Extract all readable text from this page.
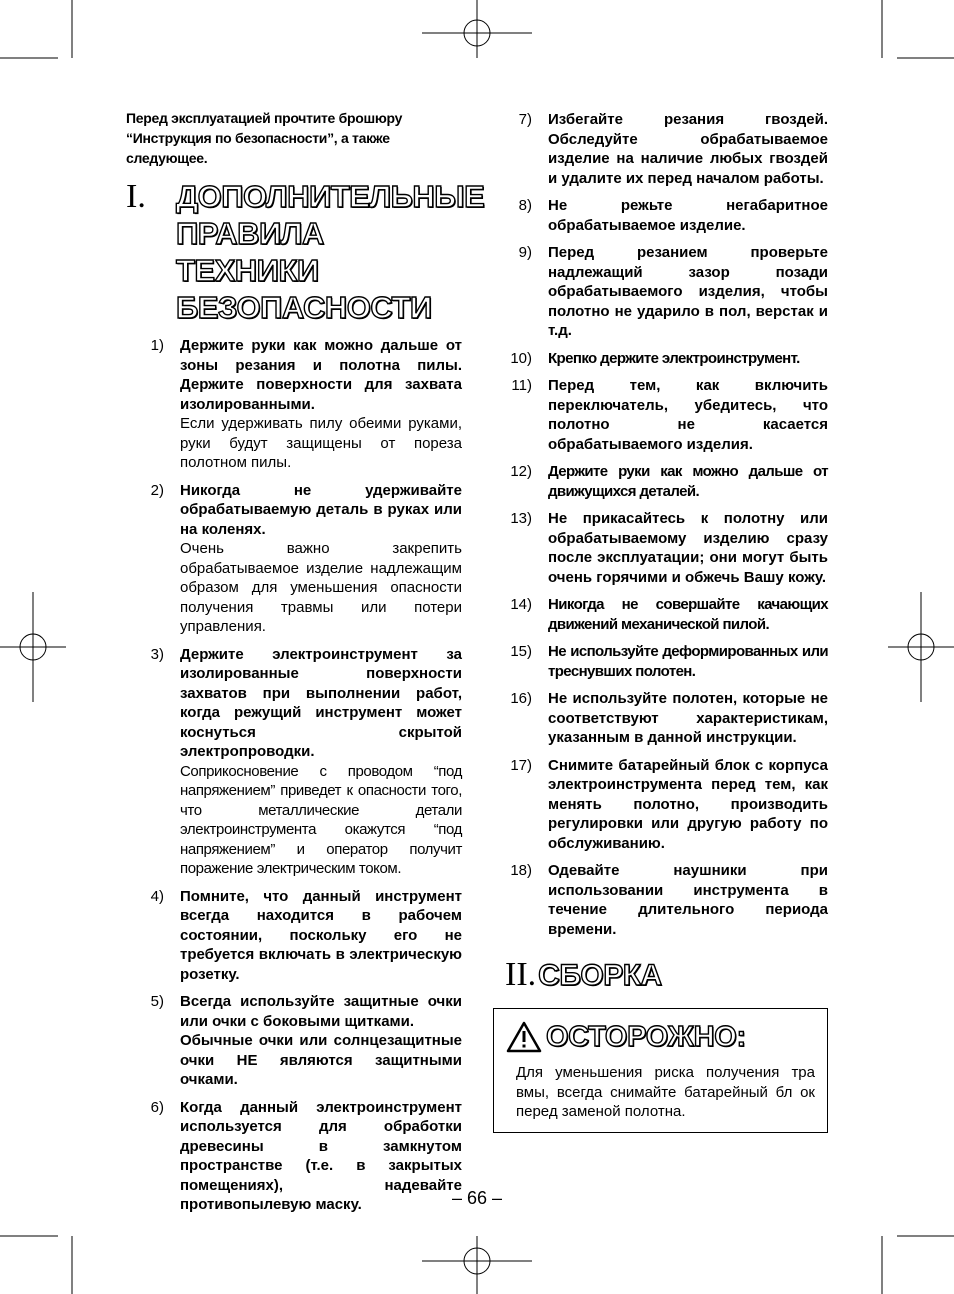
Перед эксплуатацией прочтите брошюру “Инструкция по безопасности”, а также следующее.

I. ДОПОЛНИТЕЛЬНЫЕ
ПРАВИЛА ТЕХНИКИ
БЕЗОПАСНОСТИ
1) Держите руки как можно дальше от зоны резания и полотна пилы. Держите поверхности для захвата изолированными.
Если удерживать пилу обеими руками, руки будут защищены от пореза полотном пилы.
2) Никогда не удерживайте обрабатываемую деталь в руках или на коленях.
Очень важно закрепить обрабатываемое изделие надлежащим образом для уменьшения опасности получения травмы или потери управления.
3) Держите электроинструмент за изолированные поверхности захватов при выполнении работ, когда режущий инструмент может коснуться скрытой электропроводки.
Соприкосновение с проводом “под напряжением” приведет к опасности того, что металлические детали электроинструмента окажутся “под напряжением” и оператор получит поражение электрическим током.
4) Помните, что данный инструмент всегда находится в рабочем состоянии, поскольку его не требуется включать в электрическую розетку.
5) Всегда используйте защитные очки или очки с боковыми щитками.
Обычные очки или солнцезащитные очки НЕ являются защитными очками.
6) Когда данный электроинструмент используется для обработки древесины в замкнутом пространстве (т.е. в закрытых помещениях), надевайте противопылевую маску.
7) Избегайте резания гвоздей. Обследуйте обрабатываемое изделие на наличие любых гвоздей и удалите их перед началом работы.
8) Не режьте негабаритное обрабатываемое изделие.
9) Перед резанием проверьте надлежащий зазор позади обрабатываемого изделия, чтобы полотно не ударило в пол, верстак и т.д.
10) Крепко держите электроинструмент.
11) Перед тем, как включить переключатель, убедитесь, что полотно не касается обрабатываемого изделия.
12) Держите руки как можно дальше от движущихся деталей.
13) Не прикасайтесь к полотну или обрабатываемому изделию сразу после эксплуатации; они могут быть очень горячими и обжечь Вашу кожу.
14) Никогда не совершайте качающих движений механической пилой.
15) Не используйте деформированных или треснувших полотен.
16) Не используйте полотен, которые не соответствуют характеристикам, указанным в данной инструкции.
17) Снимите батарейный блок с корпуса электроинструмента перед тем, как менять полотно, производить регулировки или другую работу по обслуживанию.
18) Одевайте наушники при использовании инструмента в течение длительного периода времени.
II. СБОРКА
ОСТОРОЖНО:
Для уменьшения риска получения тра вмы, всегда снимайте батарейный бл ок перед заменой полотна.
– 66 –
